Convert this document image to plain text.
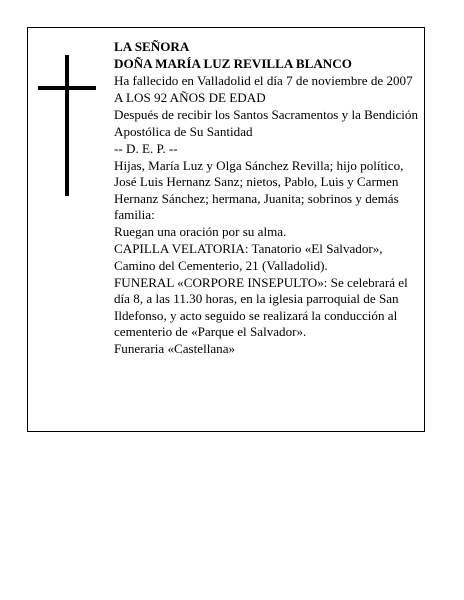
LA SEÑORA

DOÑA MARÍA LUZ REVILLA BLANCO

Ha fallecido en Valladolid el día 7 de noviembre de 2007

A LOS 92 AÑOS DE EDAD

Después de recibir los Santos Sacramentos y la Bendición Apostólica de Su Santidad

-- D. E. P. --

Hijas, María Luz y Olga Sánchez Revilla; hijo político, José Luis Hernanz Sanz; nietos, Pablo, Luis y Carmen Hernanz Sánchez; hermana, Juanita; sobrinos y demás familia:

Ruegan una oración por su alma.

CAPILLA VELATORIA: Tanatorio «El Salvador», Camino del Cementerio, 21 (Valladolid).

FUNERAL «CORPORE INSEPULTO»: Se celebrará el día 8, a las 11.30 horas, en la iglesia parroquial de San Ildefonso, y acto seguido se realizará la conducción al cementerio de «Parque el Salvador».

Funeraria «Castellana»
